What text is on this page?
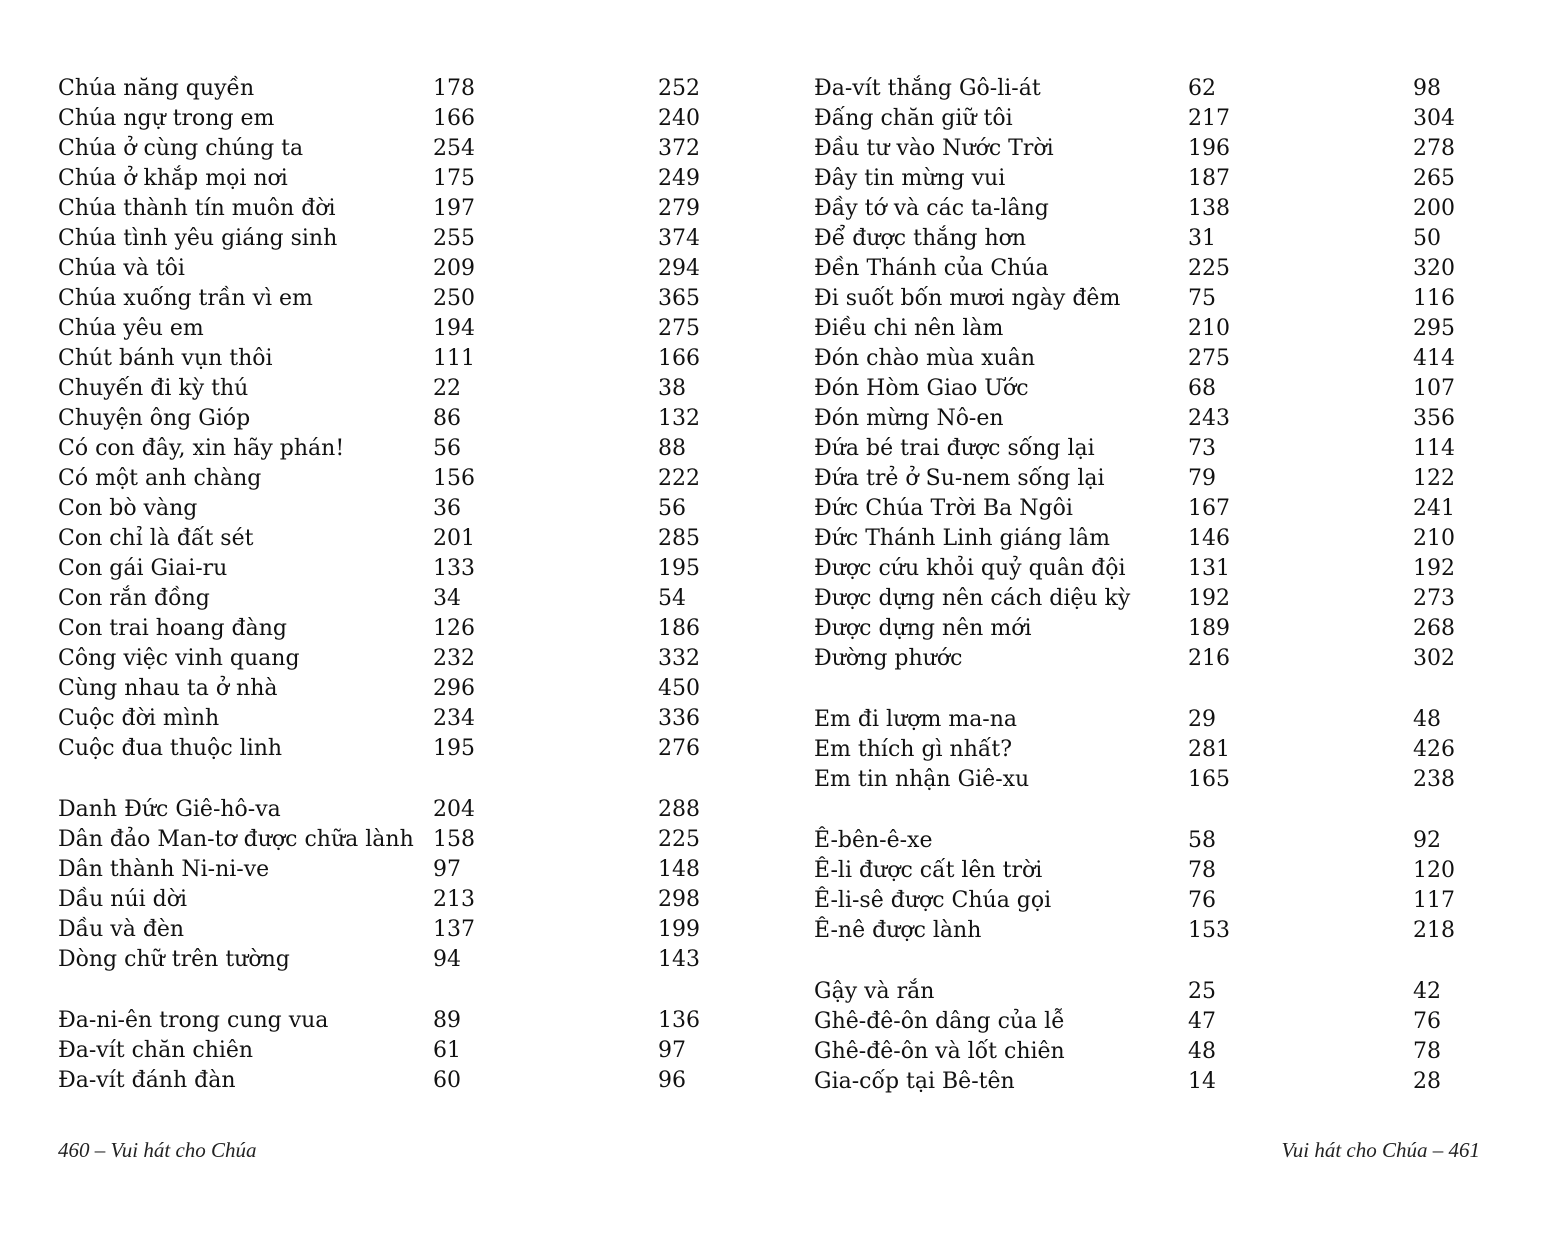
Chúa năng quyền	178	252
Chúa ngự trong em	166	240
Chúa ở cùng chúng ta	254	372
Chúa ở khắp mọi nơi	175	249
Chúa thành tín muôn đời	197	279
Chúa tình yêu giáng sinh	255	374
Chúa và tôi	209	294
Chúa xuống trần vì em	250	365
Chúa yêu em	194	275
Chút bánh vụn thôi	111	166
Chuyến đi kỳ thú	22	38
Chuyện ông Gióp	86	132
Có con đây, xin hãy phán!	56	88
Có một anh chàng	156	222
Con bò vàng	36	56
Con chỉ là đất sét	201	285
Con gái Giai-ru	133	195
Con rắn đồng	34	54
Con trai hoang đàng	126	186
Công việc vinh quang	232	332
Cùng nhau ta ở nhà	296	450
Cuộc đời mình	234	336
Cuộc đua thuộc linh	195	276
Danh Đức Giê-hô-va	204	288
Dân đảo Man-tơ được chữa lành 158	225
Dân thành Ni-ni-ve	97	148
Dầu núi dời	213	298
Dầu và đèn	137	199
Dòng chữ trên tường	94	143
Đa-ni-ên trong cung vua	89	136
Đa-vít chăn chiên	61	97
Đa-vít đánh đàn	60	96
460 – Vui hát cho Chúa
Đa-vít thắng Gô-li-át	62	98
Đấng chăn giữ tôi	217	304
Đầu tư vào Nước Trời	196	278
Đây tin mừng vui	187	265
Đầy tớ và các ta-lâng	138	200
Để được thắng hơn	31	50
Đền Thánh của Chúa	225	320
Đi suốt bốn mươi ngày đêm	75	116
Điều chi nên làm	210	295
Đón chào mùa xuân	275	414
Đón Hòm Giao Ước	68	107
Đón mừng Nô-en	243	356
Đứa bé trai được sống lại	73	114
Đứa trẻ ở Su-nem sống lại	79	122
Đức Chúa Trời Ba Ngôi	167	241
Đức Thánh Linh giáng lâm	146	210
Được cứu khỏi quỷ quân đội	131	192
Được dựng nên cách diệu kỳ	192	273
Được dựng nên mới	189	268
Đường phước	216	302
Em đi lượm ma-na	29	48
Em thích gì nhất?	281	426
Em tin nhận Giê-xu	165	238
Ê-bên-ê-xe	58	92
Ê-li được cất lên trời	78	120
Ê-li-sê được Chúa gọi	76	117
Ê-nê được lành	153	218
Gậy và rắn	25	42
Ghê-đê-ôn dâng của lễ	47	76
Ghê-đê-ôn và lốt chiên	48	78
Gia-cốp tại Bê-tên	14	28
Vui hát cho Chúa – 461
